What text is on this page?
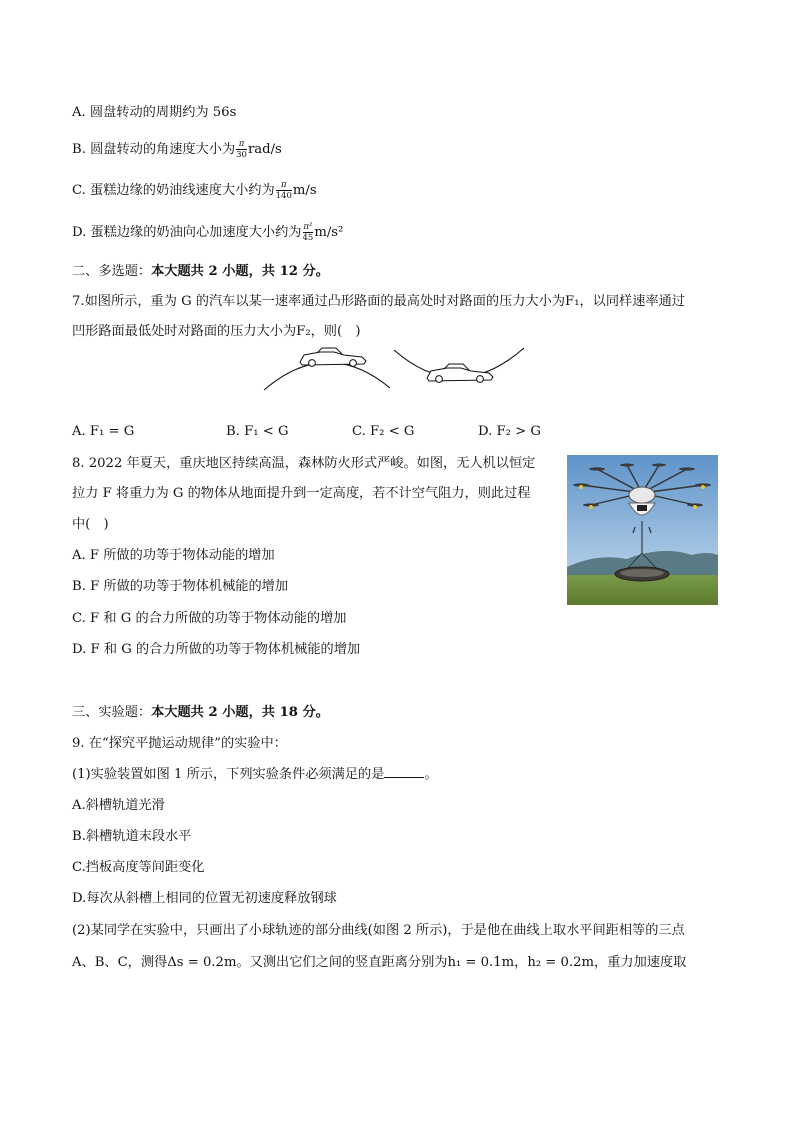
A. 圆盘转动的周期约为 56s
B. 圆盘转动的角速度大小为 $\frac{\pi}{30} rad/s$
C. 蛋糕边缘的奶油线速度大小约为 $\frac{\pi}{140} m/s$
D. 蛋糕边缘的奶油向心加速度大小约为 $\frac{\text{π²}}{45} m/s^2$
二、多选题：本大题共 2 小题，共 12 分。
7.如图所示，重为 G 的汽车以某一速率通过凸形路面的最高处时对路面的压力大小为F₁，以同样速率通过
凹形路面最低处时对路面的压力大小为F₂，则(　)
A. F₁ = G	B. F₁ < G	C. F₂ < G	D. F₂ > G
8. 2022 年夏天，重庆地区持续高温，森林防火形式严峻。如图，无人机以恒定
拉力 F 将重力为 G 的物体从地面提升到一定高度，若不计空气阻力，则此过程
中(　)
A. F 所做的功等于物体动能的增加
B. F 所做的功等于物体机械能的增加
C. F 和 G 的合力所做的功等于物体动能的增加
D. F 和 G 的合力所做的功等于物体机械能的增加
三、实验题：本大题共 2 小题，共 18 分。
9. 在“探究平抛运动规律”的实验中：
(1)实验装置如图 1 所示，下列实验条件必须满足的是	。
A.斜槽轨道光滑
B.斜槽轨道末段水平
C.挡板高度等间距变化
D.每次从斜槽上相同的位置无初速度释放钢球
(2)某同学在实验中，只画出了小球轨迹的部分曲线(如图 2 所示)，于是他在曲线上取水平间距相等的三点
A、B、C，测得Δs = 0.2m。又测出它们之间的竖直距离分别为h₁ = 0.1m，h₂ = 0.2m，重力加速度取
